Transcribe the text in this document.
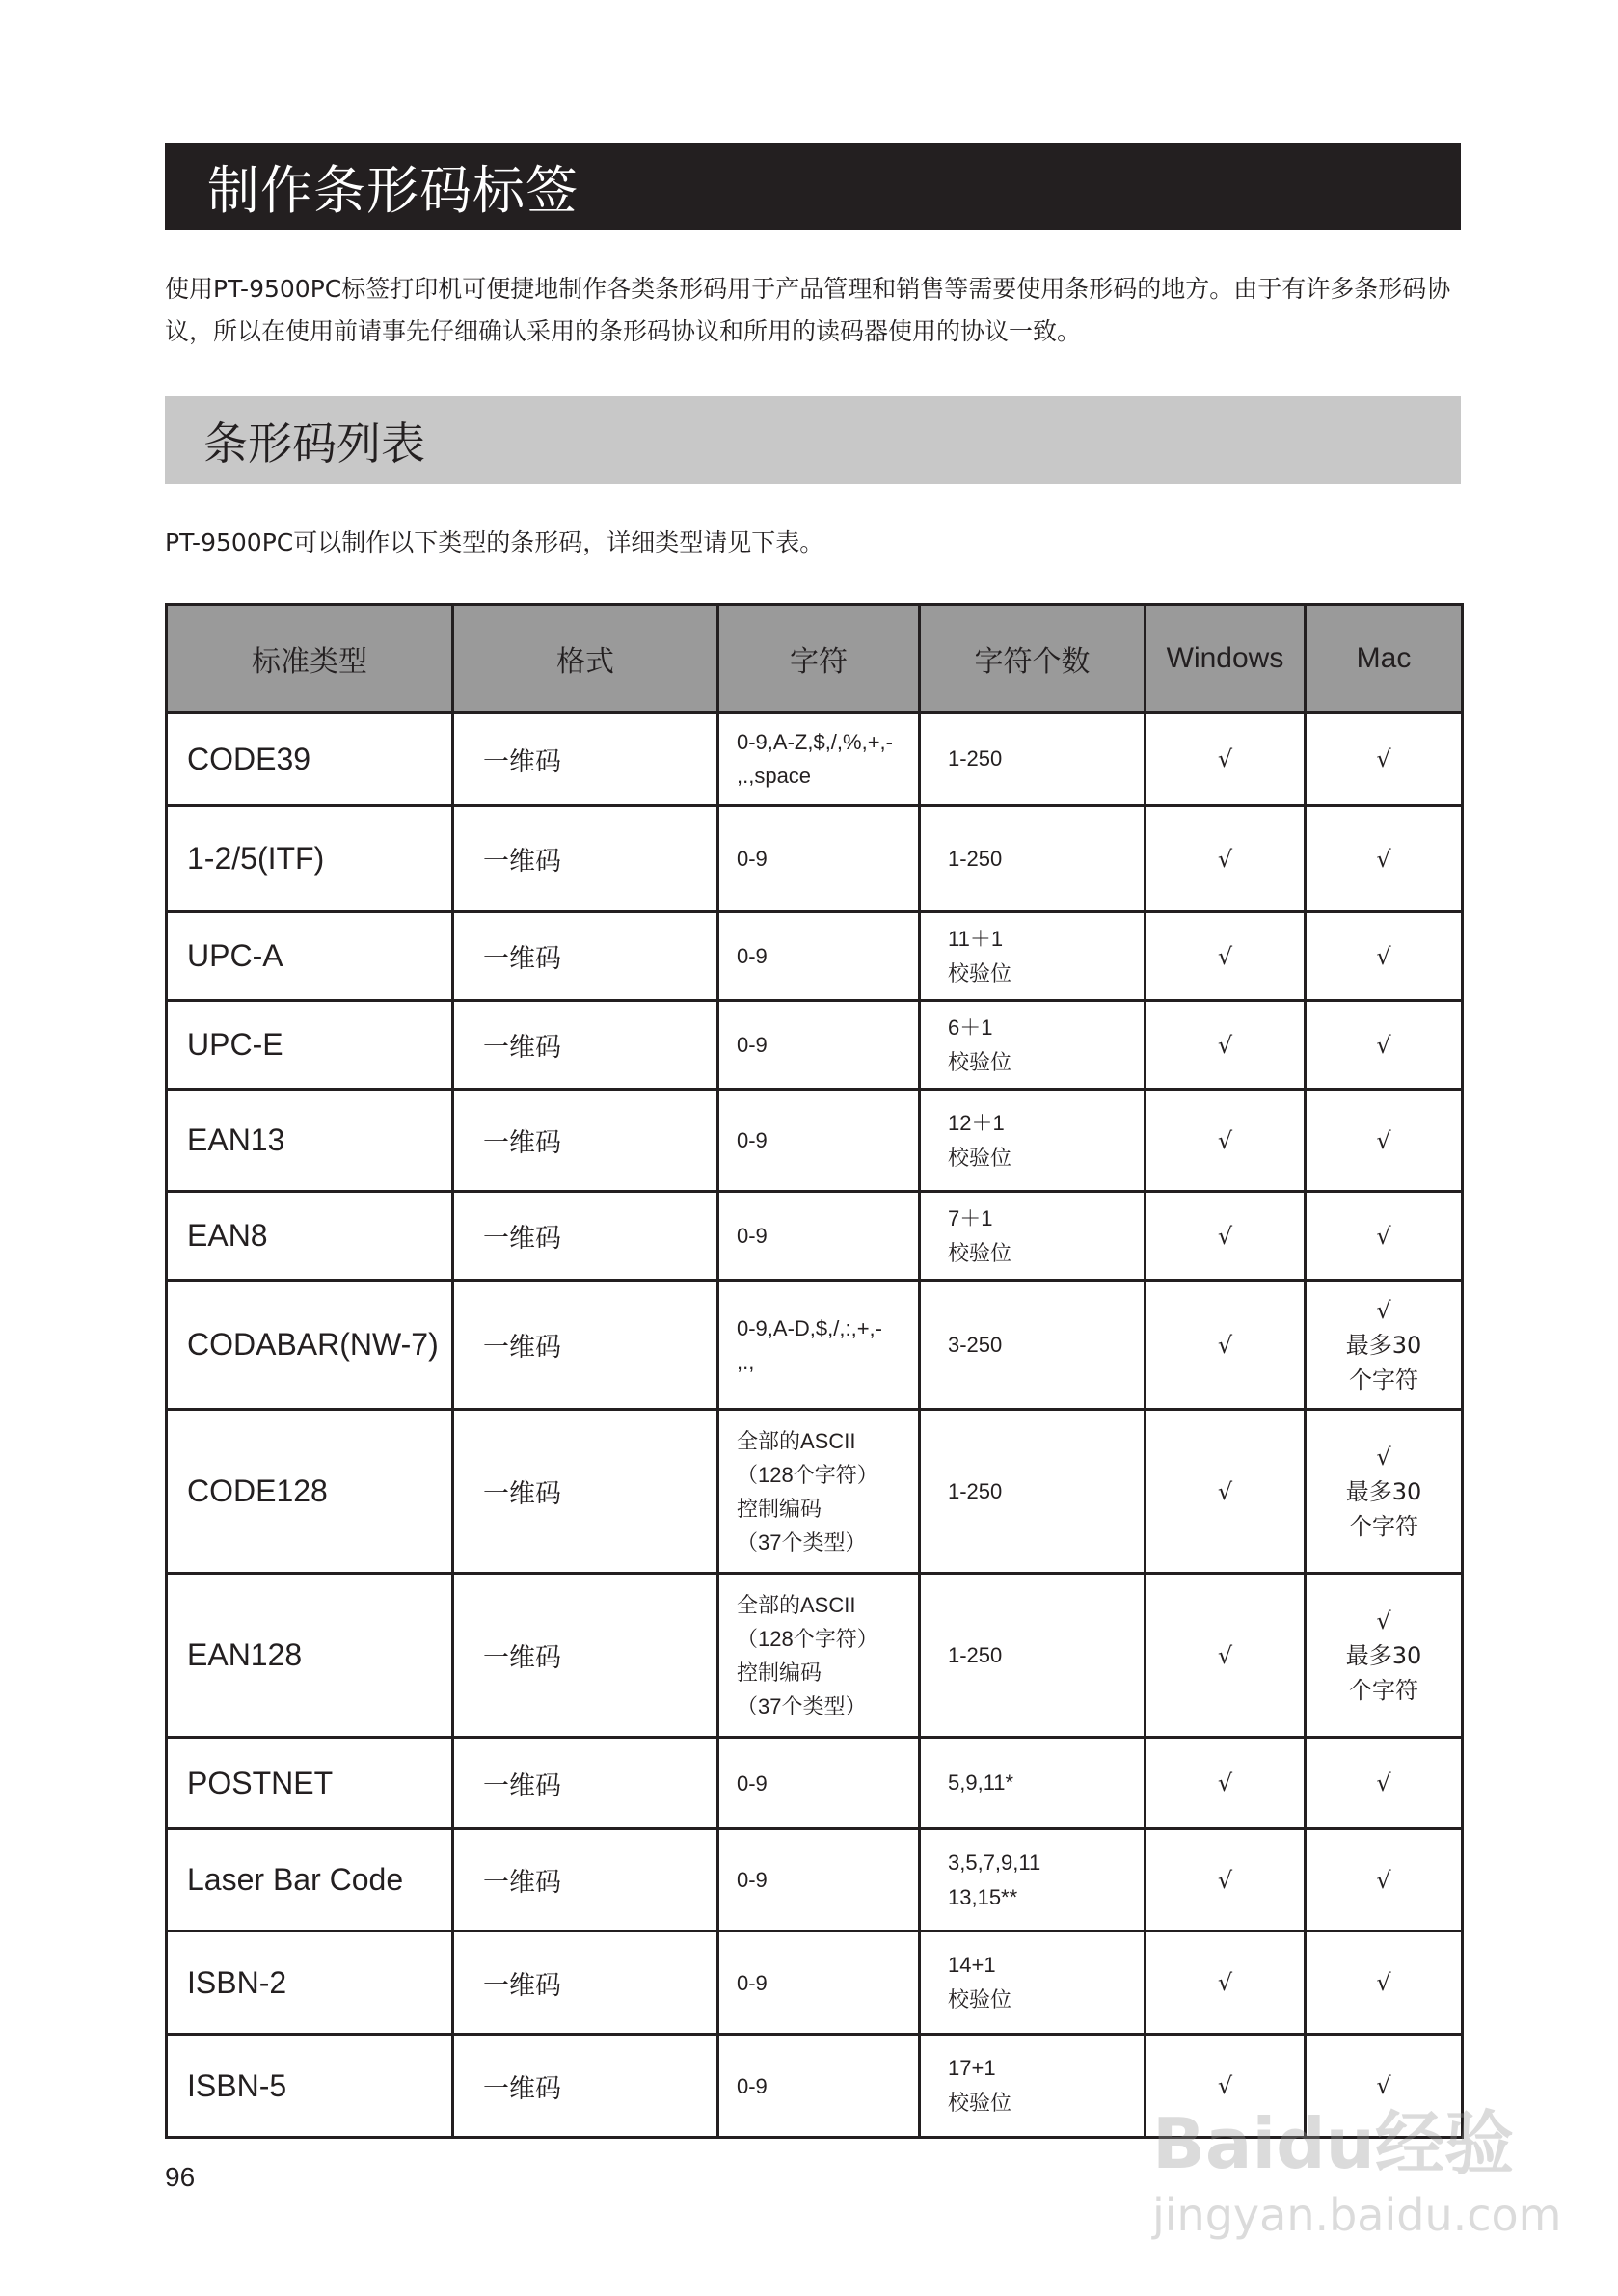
制作条形码标签
使用PT-9500PC标签打印机可便捷地制作各类条形码用于产品管理和销售等需要使用条形码的地方。由于有许多条形码协议，所以在使用前请事先仔细确认采用的条形码协议和所用的读码器使用的协议一致。
条形码列表
PT-9500PC可以制作以下类型的条形码，详细类型请见下表。
标准类型	格式	字符	字符个数	Windows	Mac
CODE39	一维码	0-9,A-Z,$,/,%,+,-
,.,space	1-250	√	√
1-2/5(ITF)	一维码	0-9	1-250	√	√
UPC-A	一维码	0-9	11＋1
校验位	√	√
UPC-E	一维码	0-9	6＋1
校验位	√	√
EAN13	一维码	0-9	12＋1
校验位	√	√
EAN8	一维码	0-9	7＋1
校验位	√	√
CODABAR(NW-7)	一维码	0-9,A-D,$,/,:,+,-
,.,	3-250	√	√
最多30
个字符
CODE128	一维码	全部的ASCII
（128个字符）
控制编码
（37个类型）	1-250	√	√
最多30
个字符
EAN128	一维码	全部的ASCII
（128个字符）
控制编码
（37个类型）	1-250	√	√
最多30
个字符
POSTNET	一维码	0-9	5,9,11*	√	√
Laser Bar Code	一维码	0-9	3,5,7,9,11
13,15**	√	√
ISBN-2	一维码	0-9	14+1
校验位	√	√
ISBN-5	一维码	0-9	17+1
校验位	√	√
96	Baidu经验
jingyan.baidu.com
